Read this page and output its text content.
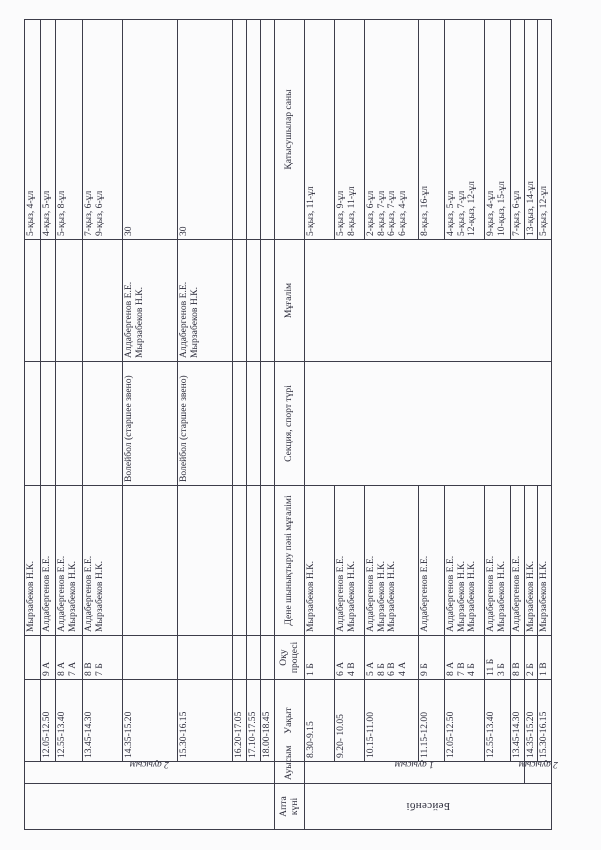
	2 ауысым			Мырзабеков Н.К.			5-қыз, 4-ұл

		12.05-12.50	9 А	Алдабергенов Е.Е.			4-қыз, 5-ұл

		12.55-13.40	8 А 7 А	Алдабергенов Е.Е. Мырзабеков Н.К.			5-қыз, 8-ұл

		13.45-14.30	8 В 7 Б	Алдабергенов Е.Е. Мырзабеков Н.К.			7-қыз, 6-ұл 9-қыз, 6-ұл

		14.35-15.20			Волейбол (старшее звено)	Алдабергенов Е.Е. Мырзабеков Н.К.	30

		15.30-16.15			Волейбол (старшее звено)	Алдабергенов Е.Е. Мырзабеков Н.К.	30

		16.20-17.05	

		17.10-17.55	

		18.00-18.45	

Апта күні	Ауысым	Уақыт	Оқу процесі	Дене шынықтыру пәні мұғалімі	Секция, спорт түрі	Мұғалім	Қатысушылар саны
Бейсенбі	1 ауысым	8.30-9.15	1 Б	Мырзабеков Н.К.			5-қыз, 11-ұл

		9.20- 10.05	6 А 4 В	Алдабергенов Е.Е. Мырзабеков Н.К.			5-қыз, 9-ұл 8-қыз, 11-ұл

		10.15-11.00	5 А 8 Б 6 В 4 А	Алдабергенов Е.Е. Мырзабеков Н.К. Мырзабеков Н.К.			2-қыз, 6-ұл 8-қыз, 7-ұл 6-қыз, 7-ұл 6-қыз, 4-ұл

		11.15-12.00	9 Б	Алдабергенов Е.Е.			8-қыз, 16-ұл

		12.05-12.50	8 А 7 В 4 Б	Алдабергенов Е.Е. Мырзабеков Н.К. Мырзабеков Н.К.			4-қыз, 5-ұл 5-қыз, 7-ұл 12-қыз, 12-ұл

		12.55-13.40	11 Б 3 Б	Алдабергенов Е.Е. Мырзабеков Н.К.			9-қыз, 4-ұл 10-қыз, 15-ұл

		13.45-14.30	8 В	Алдабергенов Е.Е.			7-қыз, 6-ұл

	2 ауысым	14.35-15.20	2 Б	Мырзабеков Н.К.			13-қыз, 14-ұл

		15.30-16.15	1 В	Мырзабеков Н.К.			5-қыз, 12-ұл
